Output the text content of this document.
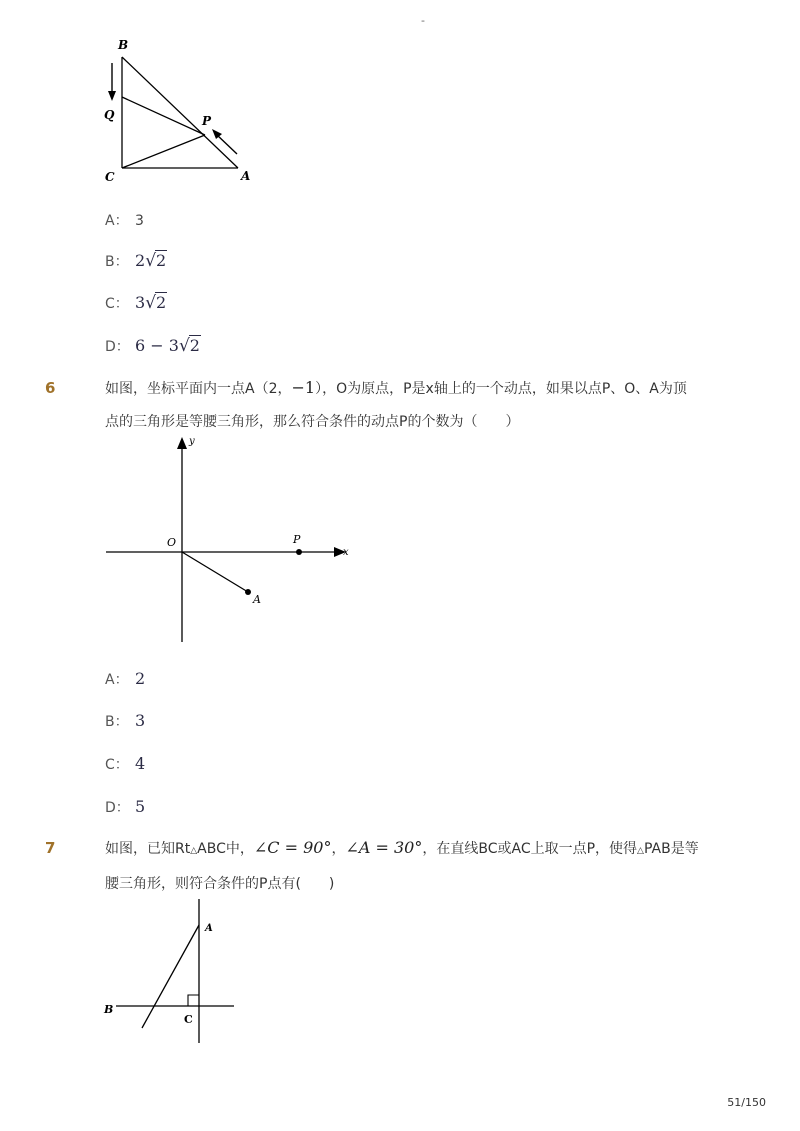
-
B
Q	P
C	A
A： 3
B： 2√2
C： 3√2
D： 6 − 3√2
6	如图，坐标平面内一点A（2，−1），O为原点，P是x轴上的一个动点，如果以点P、O、A为顶
点的三角形是等腰三角形，那么符合条件的动点P的个数为（　　）
y
O	P
x
A
A： 2
B： 3
C： 4
D： 5
7	如图，已知Rt△ABC中，∠C = 90°，∠A = 30°，在直线BC或AC上取一点P，使得△PAB是等
腰三角形，则符合条件的P点有(　　)
A
B
C
51/150
